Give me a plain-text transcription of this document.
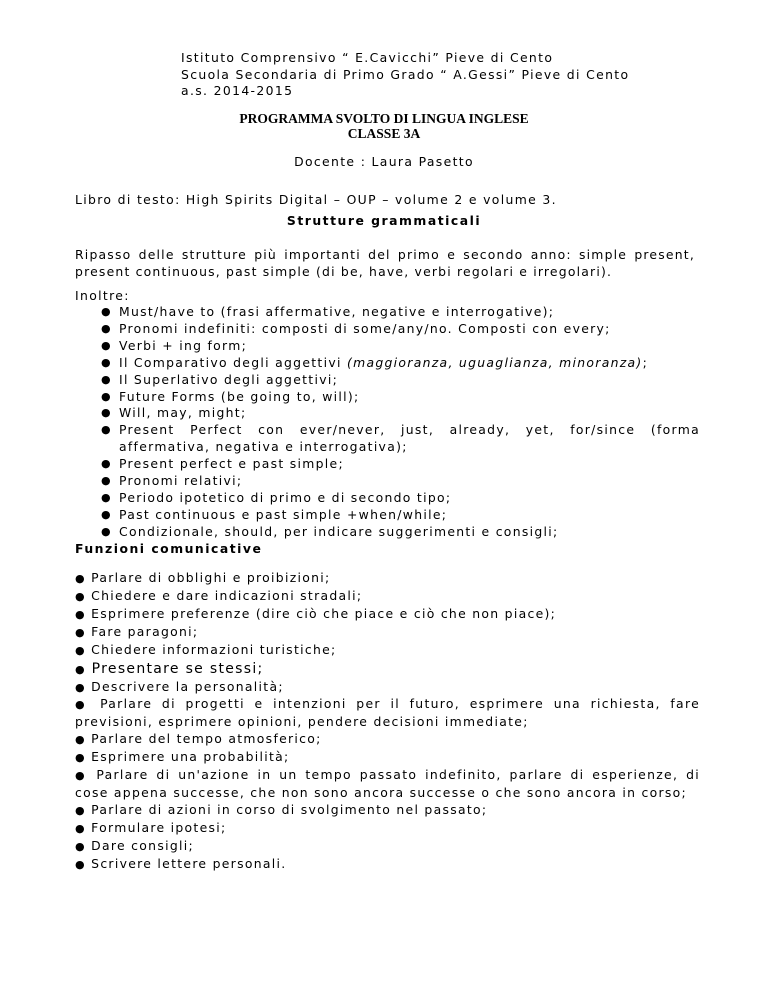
Istituto Comprensivo “ E.Cavicchi” Pieve di Cento
Scuola Secondaria di Primo Grado “ A.Gessi” Pieve di Cento
a.s. 2014-2015
PROGRAMMA SVOLTO DI LINGUA INGLESE
CLASSE 3A
Docente : Laura Pasetto
Libro di testo: High Spirits Digital – OUP – volume 2 e volume 3.
Strutture grammaticali
Ripasso delle strutture più importanti del primo e secondo anno: simple present, present continuous, past simple (di be, have, verbi regolari e irregolari).
Inoltre:
● Must/have to (frasi affermative, negative e interrogative);
● Pronomi indefiniti: composti di some/any/no. Composti con every;
● Verbi + ing form;
● Il Comparativo degli aggettivi (maggioranza, uguaglianza, minoranza);
● Il Superlativo degli aggettivi;
● Future Forms (be going to, will);
● Will, may, might;
● Present Perfect con ever/never, just, already, yet, for/since (forma affermativa, negativa e interrogativa);
● Present perfect e past simple;
● Pronomi relativi;
● Periodo ipotetico di primo e di secondo tipo;
● Past continuous e past simple +when/while;
● Condizionale, should, per indicare suggerimenti e consigli;
Funzioni comunicative
● Parlare di obblighi e proibizioni;
● Chiedere e dare indicazioni stradali;
● Esprimere preferenze (dire ciò che piace e ciò che non piace);
● Fare paragoni;
● Chiedere informazioni turistiche;
● Presentare se stessi;
● Descrivere la personalità;
● Parlare di progetti e intenzioni per il futuro, esprimere una richiesta, fare previsioni, esprimere opinioni, pendere decisioni immediate;
● Parlare del tempo atmosferico;
● Esprimere una probabilità;
● Parlare di un'azione in un tempo passato indefinito, parlare di esperienze, di cose appena successe, che non sono ancora successe o che sono ancora in corso;
● Parlare di azioni in corso di svolgimento nel passato;
● Formulare ipotesi;
● Dare consigli;
● Scrivere lettere personali.
